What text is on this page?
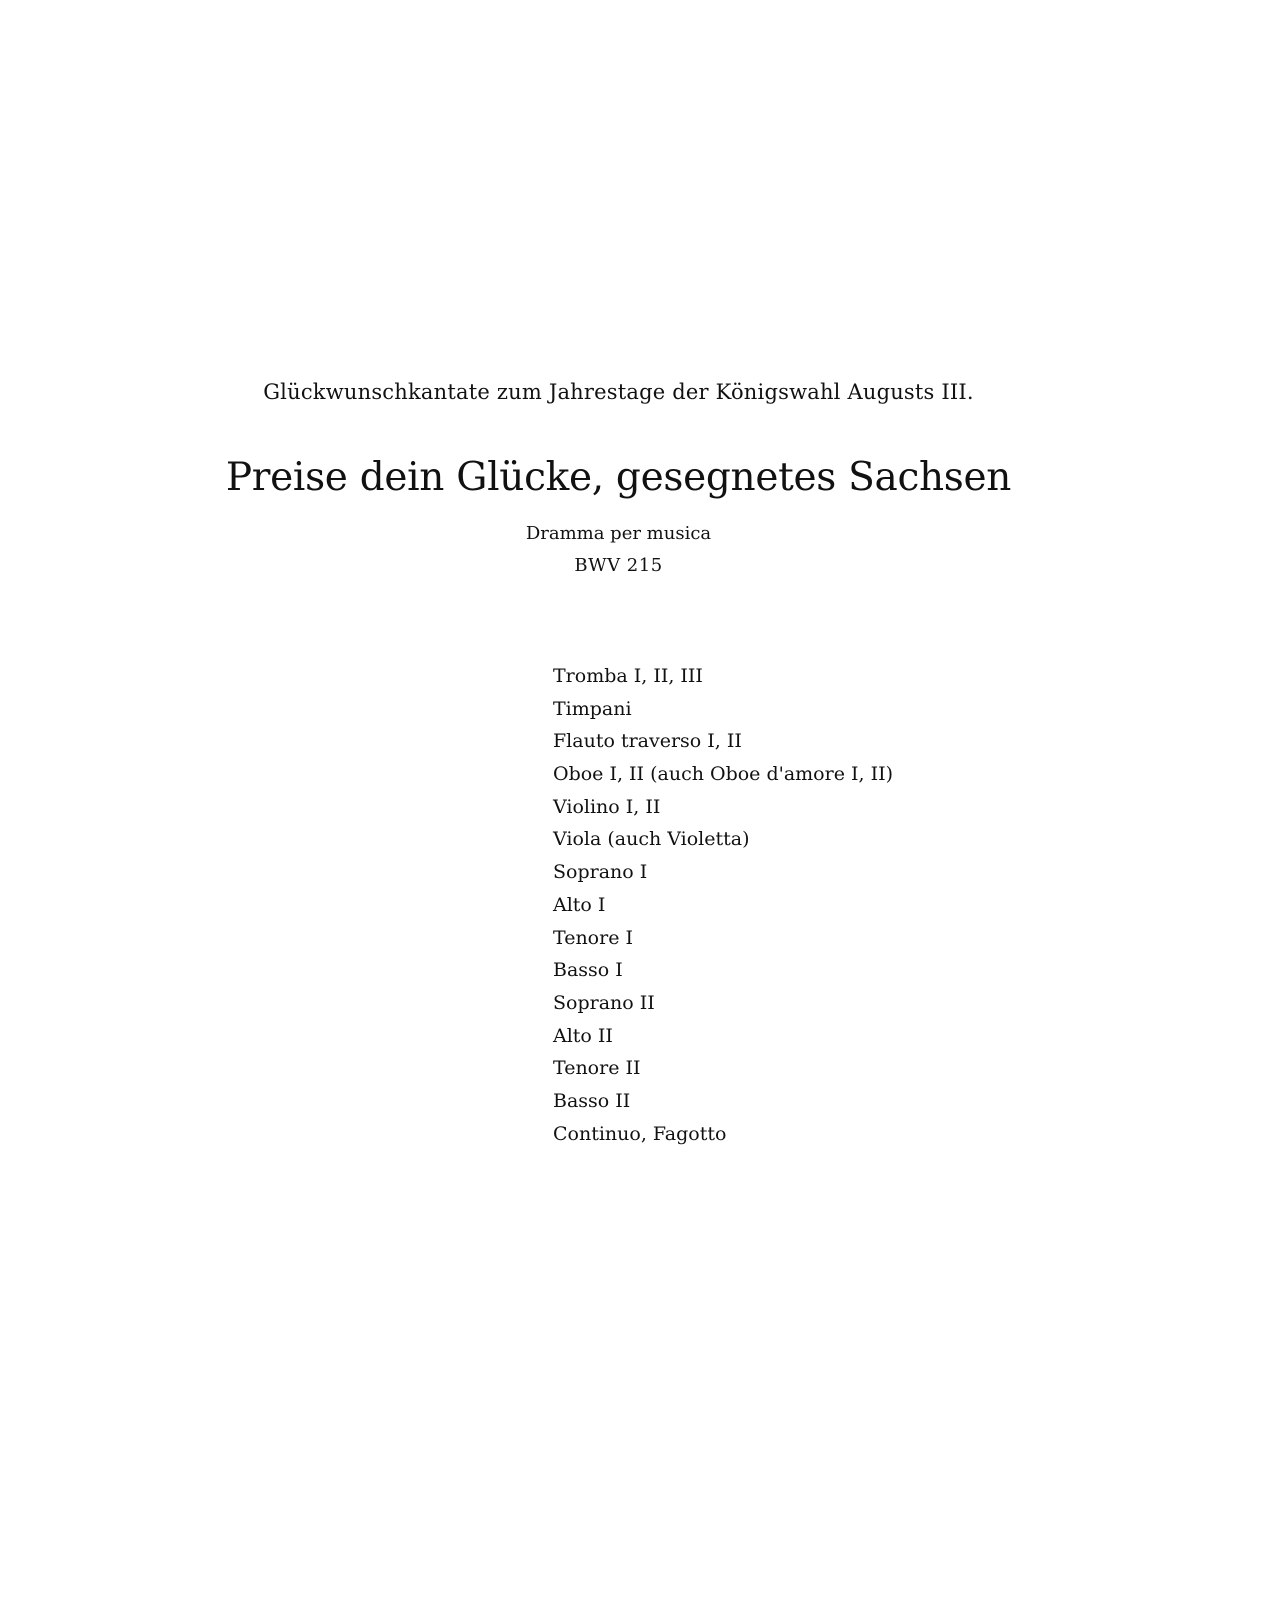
Glückwunschkantate zum Jahrestage der Königswahl Augusts III.
Preise dein Glücke, gesegnetes Sachsen
Dramma per musica
BWV 215
Tromba I, II, III
Timpani
Flauto traverso I, II
Oboe I, II (auch Oboe d'amore I, II)
Violino I, II
Viola (auch Violetta)
Soprano I
Alto I
Tenore I
Basso I
Soprano II
Alto II
Tenore II
Basso II
Continuo, Fagotto
